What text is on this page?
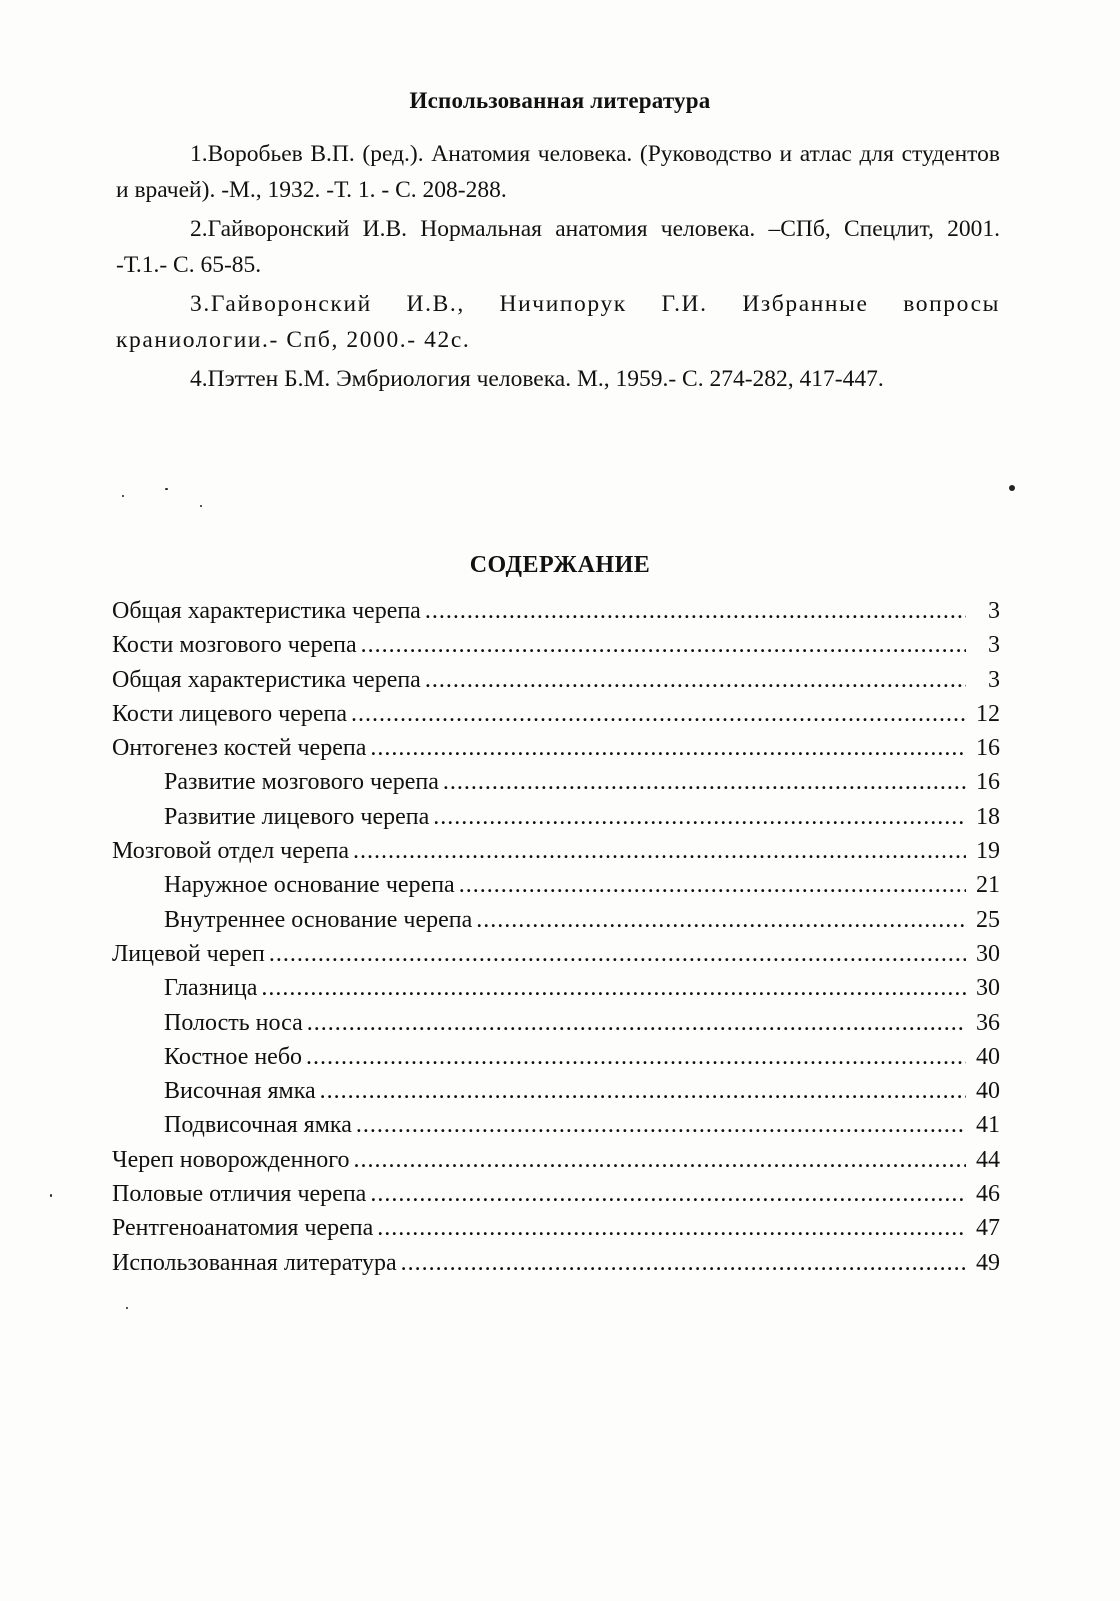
Использованная литература

1.Воробьев В.П. (ред.). Анатомия человека. (Руководство и атлас для студентов и врачей). -М., 1932. -Т. 1. - С. 208-288.

2.Гайворонский И.В. Нормальная анатомия человека. –СПб, Спецлит, 2001. -Т.1.- С. 65-85.

3.Гайворонский И.В., Ничипорук Г.И. Избранные вопросы краниологии.- Спб, 2000.- 42с.

4.Пэттен Б.М. Эмбриология человека. М., 1959.- С. 274-282, 417-447.

СОДЕРЖАНИЕ
Общая характеристика черепа .....	3
Кости мозгового черепа .....	3
Общая характеристика черепа .....	3
Кости лицевого черепа .....	12
Онтогенез костей черепа .....	16
Развитие мозгового черепа .....	16
Развитие лицевого черепа .....	18
Мозговой отдел черепа .....	19
Наружное основание черепа .....	21
Внутреннее основание черепа .....	25
Лицевой череп .....	30
Глазница .....	30
Полость носа .....	36
Костное небо .....	40
Височная ямка .....	40
Подвисочная ямка .....	41
Череп новорожденного .....	44
Половые отличия черепа .....	46
Рентгеноанатомия черепа .....	47
Использованная литература .....	49
